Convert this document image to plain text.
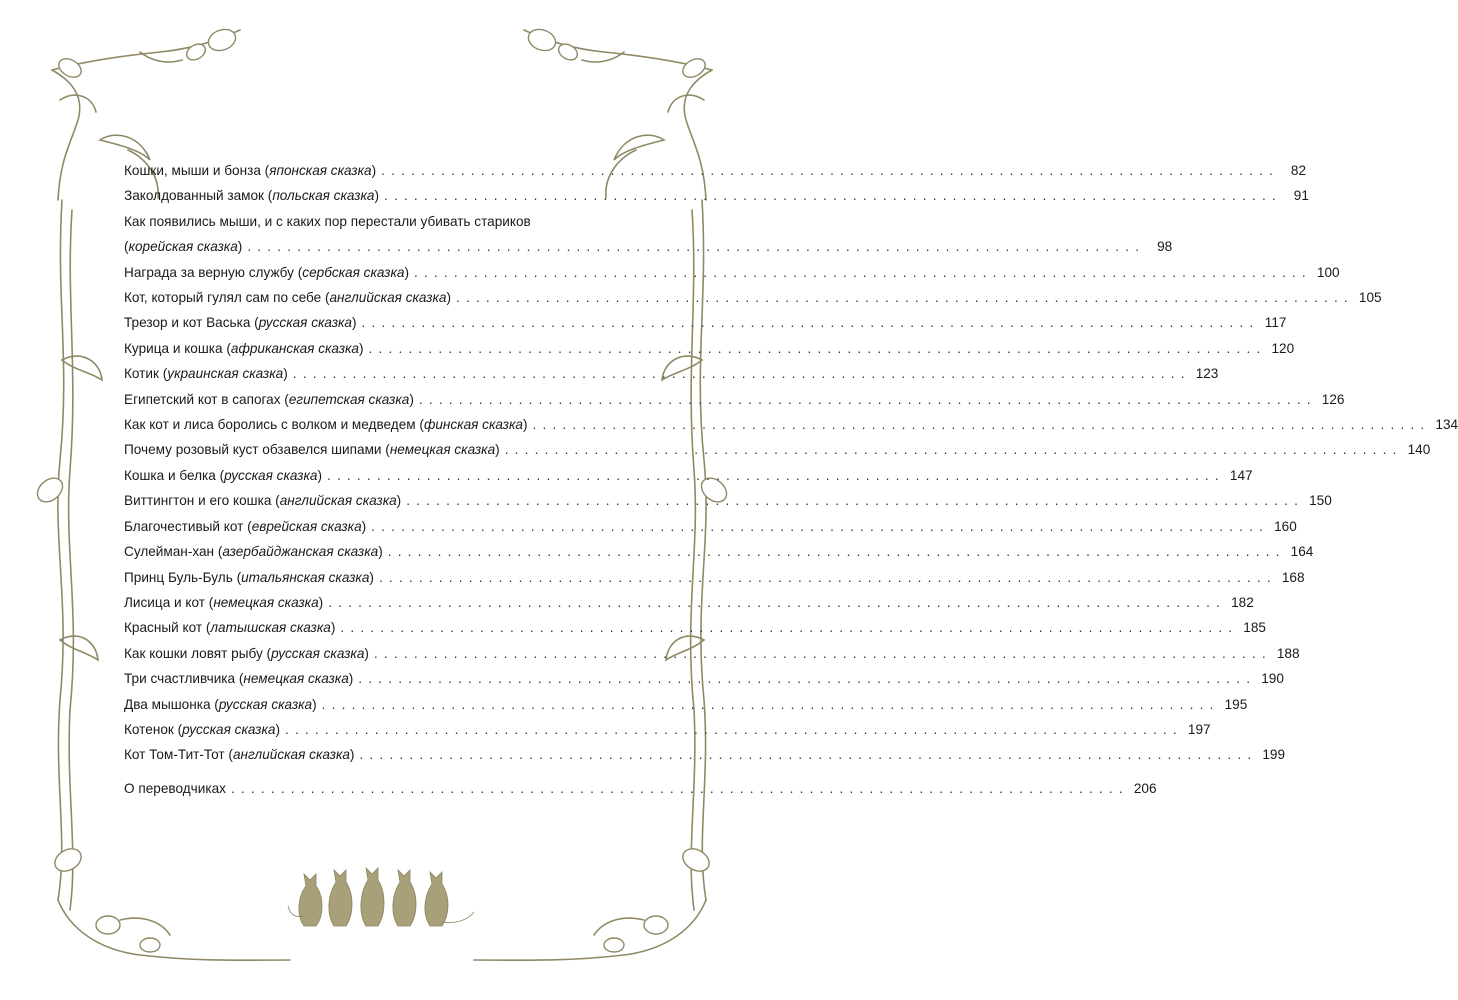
Кошки, мыши и бонза (японская сказка) .......................................................................................... 82
Заколдованный замок (польская сказка) .......................................................................................... 91
Как появились мыши, и с каких пор перестали убивать стариков
(корейская сказка) .......................................................................................... 98
Награда за верную службу (сербская сказка) .......................................................................................... 100
Кот, который гулял сам по себе (английская сказка) .......................................................................................... 105
Трезор и кот Васька (русская сказка) .......................................................................................... 117
Курица и кошка (африканская сказка) .......................................................................................... 120
Котик (украинская сказка) .......................................................................................... 123
Египетский кот в сапогах (египетская сказка) .......................................................................................... 126
Как кот и лиса боролись с волком и медведем (финская сказка) .......................................................................................... 134
Почему розовый куст обзавелся шипами (немецкая сказка) .......................................................................................... 140
Кошка и белка (русская сказка) .......................................................................................... 147
Виттингтон и его кошка (английская сказка) .......................................................................................... 150
Благочестивый кот (еврейская сказка) .......................................................................................... 160
Сулейман-хан (азербайджанская сказка) .......................................................................................... 164
Принц Буль-Буль (итальянская сказка) .......................................................................................... 168
Лисица и кот (немецкая сказка) .......................................................................................... 182
Красный кот (латышская сказка) .......................................................................................... 185
Как кошки ловят рыбу (русская сказка) .......................................................................................... 188
Три счастливчика (немецкая сказка) .......................................................................................... 190
Два мышонка (русская сказка) .......................................................................................... 195
Котенок (русская сказка) .......................................................................................... 197
Кот Том-Тит-Тот (английская сказка) .......................................................................................... 199
О переводчиках .......................................................................................... 206
